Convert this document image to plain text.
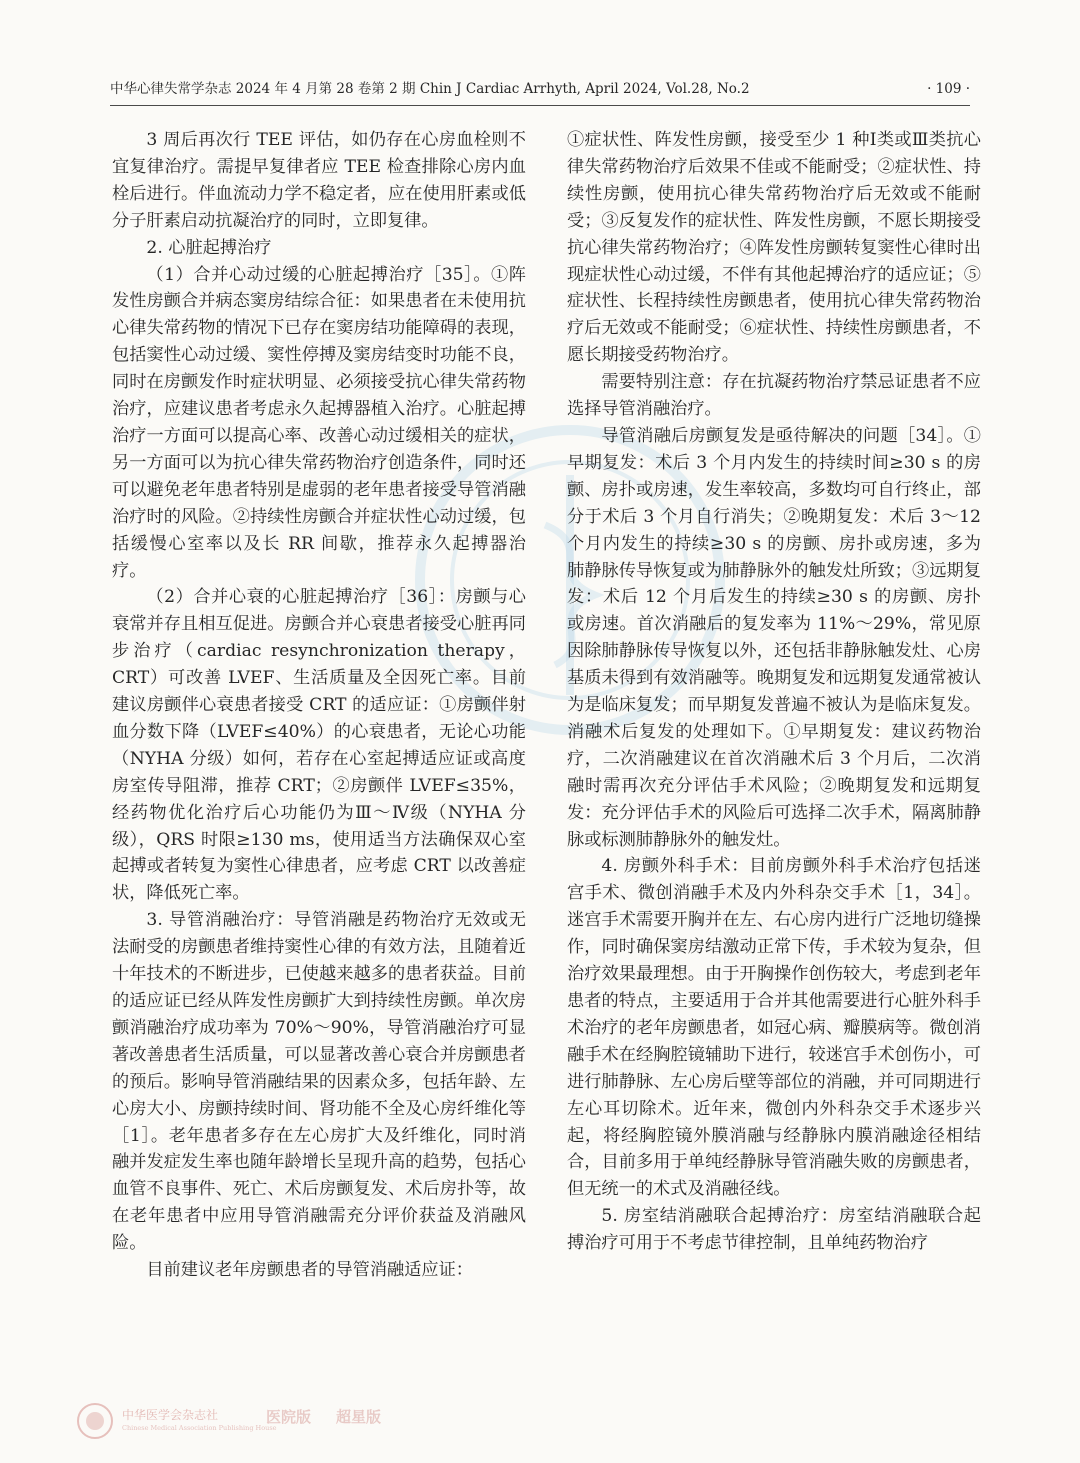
中华心律失常学杂志 2024 年 4 月第 28 卷第 2 期 Chin J Cardiac Arrhyth, April 2024, Vol.28, No.2	· 109 ·

3 周后再次行 TEE 评估，如仍存在心房血栓则不宜复律治疗。需提早复律者应 TEE 检查排除心房内血栓后进行。伴血流动力学不稳定者，应在使用肝素或低分子肝素启动抗凝治疗的同时，立即复律。

2. 心脏起搏治疗

（1）合并心动过缓的心脏起搏治疗［35］。①阵发性房颤合并病态窦房结综合征：如果患者在未使用抗心律失常药物的情况下已存在窦房结功能障碍的表现，包括窦性心动过缓、窦性停搏及窦房结变时功能不良，同时在房颤发作时症状明显、必须接受抗心律失常药物治疗，应建议患者考虑永久起搏器植入治疗。心脏起搏治疗一方面可以提高心率、改善心动过缓相关的症状，另一方面可以为抗心律失常药物治疗创造条件，同时还可以避免老年患者特别是虚弱的老年患者接受导管消融治疗时的风险。②持续性房颤合并症状性心动过缓，包括缓慢心室率以及长 RR 间歇，推荐永久起搏器治疗。

（2）合并心衰的心脏起搏治疗［36］：房颤与心衰常并存且相互促进。房颤合并心衰患者接受心脏再同步治疗（cardiac resynchronization therapy，CRT）可改善 LVEF、生活质量及全因死亡率。目前建议房颤伴心衰患者接受 CRT 的适应证：①房颤伴射血分数下降（LVEF≤40%）的心衰患者，无论心功能（NYHA 分级）如何，若存在心室起搏适应证或高度房室传导阻滞，推荐 CRT；②房颤伴 LVEF≤35%，经药物优化治疗后心功能仍为Ⅲ～Ⅳ级（NYHA 分级），QRS 时限≥130 ms，使用适当方法确保双心室起搏或者转复为窦性心律患者，应考虑 CRT 以改善症状，降低死亡率。

3. 导管消融治疗：导管消融是药物治疗无效或无法耐受的房颤患者维持窦性心律的有效方法，且随着近十年技术的不断进步，已使越来越多的患者获益。目前的适应证已经从阵发性房颤扩大到持续性房颤。单次房颤消融治疗成功率为 70%～90%，导管消融治疗可显著改善患者生活质量，可以显著改善心衰合并房颤患者的预后。影响导管消融结果的因素众多，包括年龄、左心房大小、房颤持续时间、肾功能不全及心房纤维化等［1］。老年患者多存在左心房扩大及纤维化，同时消融并发症发生率也随年龄增长呈现升高的趋势，包括心血管不良事件、死亡、术后房颤复发、术后房扑等，故在老年患者中应用导管消融需充分评价获益及消融风险。

目前建议老年房颤患者的导管消融适应证：

①症状性、阵发性房颤，接受至少 1 种Ⅰ类或Ⅲ类抗心律失常药物治疗后效果不佳或不能耐受；②症状性、持续性房颤，使用抗心律失常药物治疗后无效或不能耐受；③反复发作的症状性、阵发性房颤，不愿长期接受抗心律失常药物治疗；④阵发性房颤转复窦性心律时出现症状性心动过缓，不伴有其他起搏治疗的适应证；⑤症状性、长程持续性房颤患者，使用抗心律失常药物治疗后无效或不能耐受；⑥症状性、持续性房颤患者，不愿长期接受药物治疗。

需要特别注意：存在抗凝药物治疗禁忌证患者不应选择导管消融治疗。

导管消融后房颤复发是亟待解决的问题［34］。①早期复发：术后 3 个月内发生的持续时间≥30 s 的房颤、房扑或房速，发生率较高，多数均可自行终止，部分于术后 3 个月自行消失；②晚期复发：术后 3～12 个月内发生的持续≥30 s 的房颤、房扑或房速，多为肺静脉传导恢复或为肺静脉外的触发灶所致；③远期复发：术后 12 个月后发生的持续≥30 s 的房颤、房扑或房速。首次消融后的复发率为 11%～29%，常见原因除肺静脉传导恢复以外，还包括非静脉触发灶、心房基质未得到有效消融等。晚期复发和远期复发通常被认为是临床复发；而早期复发普遍不被认为是临床复发。消融术后复发的处理如下。①早期复发：建议药物治疗，二次消融建议在首次消融术后 3 个月后，二次消融时需再次充分评估手术风险；②晚期复发和远期复发：充分评估手术的风险后可选择二次手术，隔离肺静脉或标测肺静脉外的触发灶。

4. 房颤外科手术：目前房颤外科手术治疗包括迷宫手术、微创消融手术及内外科杂交手术［1，34］。迷宫手术需要开胸并在左、右心房内进行广泛地切缝操作，同时确保窦房结激动正常下传，手术较为复杂，但治疗效果最理想。由于开胸操作创伤较大，考虑到老年患者的特点，主要适用于合并其他需要进行心脏外科手术治疗的老年房颤患者，如冠心病、瓣膜病等。微创消融手术在经胸腔镜辅助下进行，较迷宫手术创伤小，可进行肺静脉、左心房后壁等部位的消融，并可同期进行左心耳切除术。近年来，微创内外科杂交手术逐步兴起，将经胸腔镜外膜消融与经静脉内膜消融途径相结合，目前多用于单纯经静脉导管消融失败的房颤患者，但无统一的术式及消融径线。

5. 房室结消融联合起搏治疗：房室结消融联合起搏治疗可用于不考虑节律控制，且单纯药物治疗

中华医学会杂志社
Chinese Medical Association Publishing House
医院版 超星版
